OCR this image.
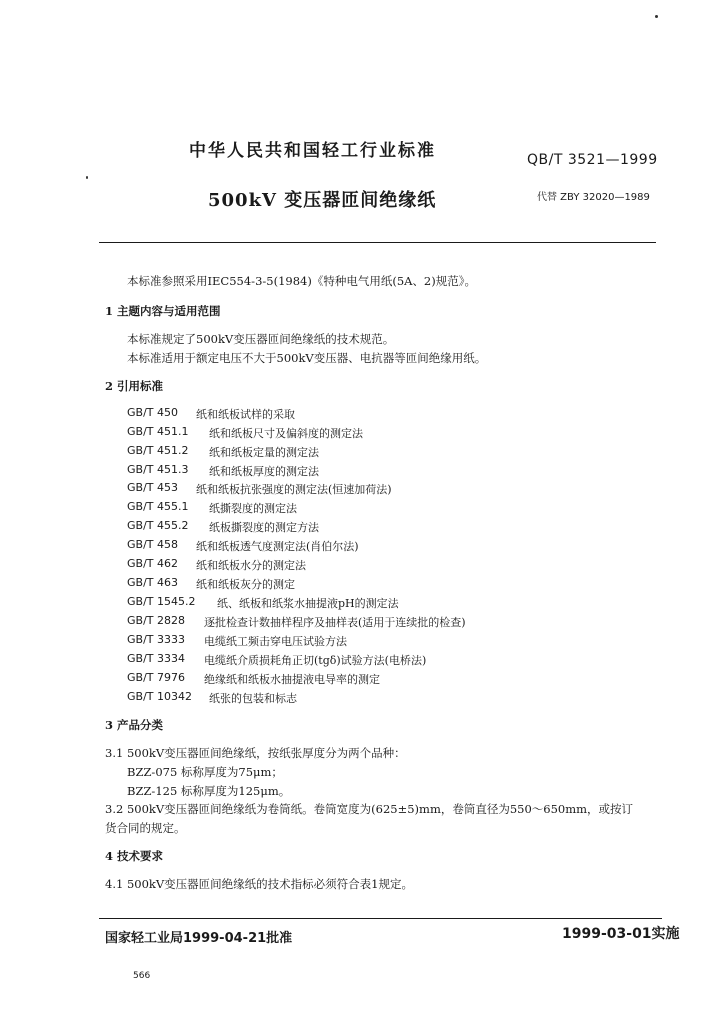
中华人民共和国轻工行业标准	QB/T 3521—1999
500kV 变压器匝间绝缘纸	代替 ZBY 32020—1989
本标准参照采用IEC554-3-5(1984)《特种电气用纸(5A、2)规范》。
1 主题内容与适用范围
本标准规定了500kV变压器匝间绝缘纸的技术规范。
本标准适用于额定电压不大于500kV变压器、电抗器等匝间绝缘用纸。
2 引用标准
GB/T 450 纸和纸板试样的采取
GB/T 451.1 纸和纸板尺寸及偏斜度的测定法
GB/T 451.2 纸和纸板定量的测定法
GB/T 451.3 纸和纸板厚度的测定法
GB/T 453 纸和纸板抗张强度的测定法(恒速加荷法)
GB/T 455.1 纸撕裂度的测定法
GB/T 455.2 纸板撕裂度的测定方法
GB/T 458 纸和纸板透气度测定法(肖伯尔法)
GB/T 462 纸和纸板水分的测定法
GB/T 463 纸和纸板灰分的测定
GB/T 1545.2 纸、纸板和纸浆水抽提液pH的测定法
GB/T 2828 逐批检查计数抽样程序及抽样表(适用于连续批的检查)
GB/T 3333 电缆纸工频击穿电压试验方法
GB/T 3334 电缆纸介质损耗角正切(tgδ)试验方法(电桥法)
GB/T 7976 绝缘纸和纸板水抽提液电导率的测定
GB/T 10342 纸张的包装和标志
3 产品分类
3.1 500kV变压器匝间绝缘纸，按纸张厚度分为两个品种：
BZZ-075 标称厚度为75μm；
BZZ-125 标称厚度为125μm。
3.2 500kV变压器匝间绝缘纸为卷筒纸。卷筒宽度为(625±5)mm，卷筒直径为550～650mm，或按订
货合同的规定。
4 技术要求
4.1 500kV变压器匝间绝缘纸的技术指标必须符合表1规定。
国家轻工业局1999-04-21批准	1999-03-01实施
566
